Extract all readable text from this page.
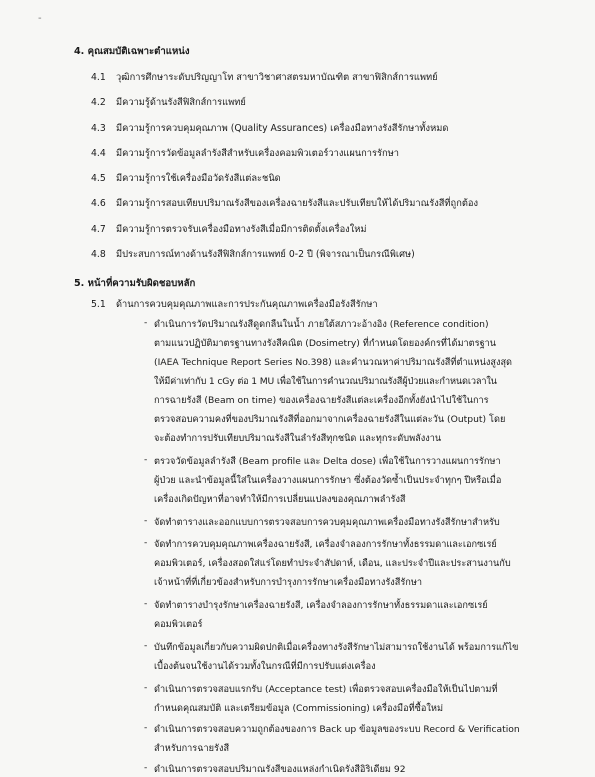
-
4. คุณสมบัติเฉพาะตำแหน่ง
4.1 วุฒิการศึกษาระดับปริญญาโท สาขาวิชาศาสตรมหาบัณฑิต สาขาฟิสิกส์การแพทย์
4.2 มีความรู้ด้านรังสีฟิสิกส์การแพทย์
4.3 มีความรู้การควบคุมคุณภาพ (Quality Assurances) เครื่องมือทางรังสีรักษาทั้งหมด
4.4 มีความรู้การวัดข้อมูลลำรังสีสำหรับเครื่องคอมพิวเตอร์วางแผนการรักษา
4.5 มีความรู้การใช้เครื่องมือวัดรังสีแต่ละชนิด
4.6 มีความรู้การสอบเทียบปริมาณรังสีของเครื่องฉายรังสีและปรับเทียบให้ได้ปริมาณรังสีที่ถูกต้อง
4.7 มีความรู้การตรวจรับเครื่องมือทางรังสีเมื่อมีการติดตั้งเครื่องใหม่
4.8 มีประสบการณ์ทางด้านรังสีฟิสิกส์การแพทย์ 0-2 ปี (พิจารณาเป็นกรณีพิเศษ)
5. หน้าที่ความรับผิดชอบหลัก
5.1 ด้านการควบคุมคุณภาพและการประกันคุณภาพเครื่องมือรังสีรักษา
- ดำเนินการวัดปริมาณรังสีดูดกลืนในน้ำ ภายใต้สภาวะอ้างอิง (Reference condition)
ตามแนวปฏิบัติมาตรฐานทางรังสีคณิต (Dosimetry) ที่กำหนดโดยองค์กรที่ได้มาตรฐาน
(IAEA Technique Report Series No.398) และคำนวณหาค่าปริมาณรังสีที่ตำแหน่งสูงสุด
ให้มีค่าเท่ากับ 1 cGy ต่อ 1 MU เพื่อใช้ในการคำนวณปริมาณรังสีผู้ป่วยและกำหนดเวลาใน
การฉายรังสี (Beam on time) ของเครื่องฉายรังสีแต่ละเครื่องอีกทั้งยังนำไปใช้ในการ
ตรวจสอบความคงที่ของปริมาณรังสีที่ออกมาจากเครื่องฉายรังสีในแต่ละวัน (Output) โดย
จะต้องทำการปรับเทียบปริมาณรังสีในลำรังสีทุกชนิด และทุกระดับพลังงาน
- ตรวจวัดข้อมูลลำรังสี (Beam profile และ Delta dose) เพื่อใช้ในการวางแผนการรักษา
ผู้ป่วย และนำข้อมูลนี้ใส่ในเครื่องวางแผนการรักษา ซึ่งต้องวัดซ้ำเป็นประจำทุกๆ ปีหรือเมื่อ
เครื่องเกิดปัญหาที่อาจทำให้มีการเปลี่ยนแปลงของคุณภาพลำรังสี
- จัดทำตารางและออกแบบการตรวจสอบการควบคุมคุณภาพเครื่องมือทางรังสีรักษาสำหรับ
- จัดทำการควบคุมคุณภาพเครื่องฉายรังสี, เครื่องจำลองการรักษาทั้งธรรมดาและเอกซเรย์
คอมพิวเตอร์, เครื่องสอดใส่แร่โดยทำประจำสัปดาห์, เดือน, และประจำปีและประสานงานกับ
เจ้าหน้าที่ที่เกี่ยวข้องสำหรับการบำรุงการรักษาเครื่องมือทางรังสีรักษา
- จัดทำตารางบำรุงรักษาเครื่องฉายรังสี, เครื่องจำลองการรักษาทั้งธรรมดาและเอกซเรย์
คอมพิวเตอร์
- บันทึกข้อมูลเกี่ยวกับความผิดปกติเมื่อเครื่องทางรังสีรักษาไม่สามารถใช้งานได้ พร้อมการแก้ไข
เบื้องต้นจนใช้งานได้รวมทั้งในกรณีที่มีการปรับแต่งเครื่อง
- ดำเนินการตรวจสอบแรกรับ (Acceptance test) เพื่อตรวจสอบเครื่องมือให้เป็นไปตามที่
กำหนดคุณสมบัติ และเตรียมข้อมูล (Commissioning) เครื่องมือที่ซื้อใหม่
- ดำเนินการตรวจสอบความถูกต้องของการ Back up ข้อมูลของระบบ Record & Verification
สำหรับการฉายรังสี
- ดำเนินการตรวจสอบปริมาณรังสีของแหล่งกำเนิดรังสีอิริเดียม 92
